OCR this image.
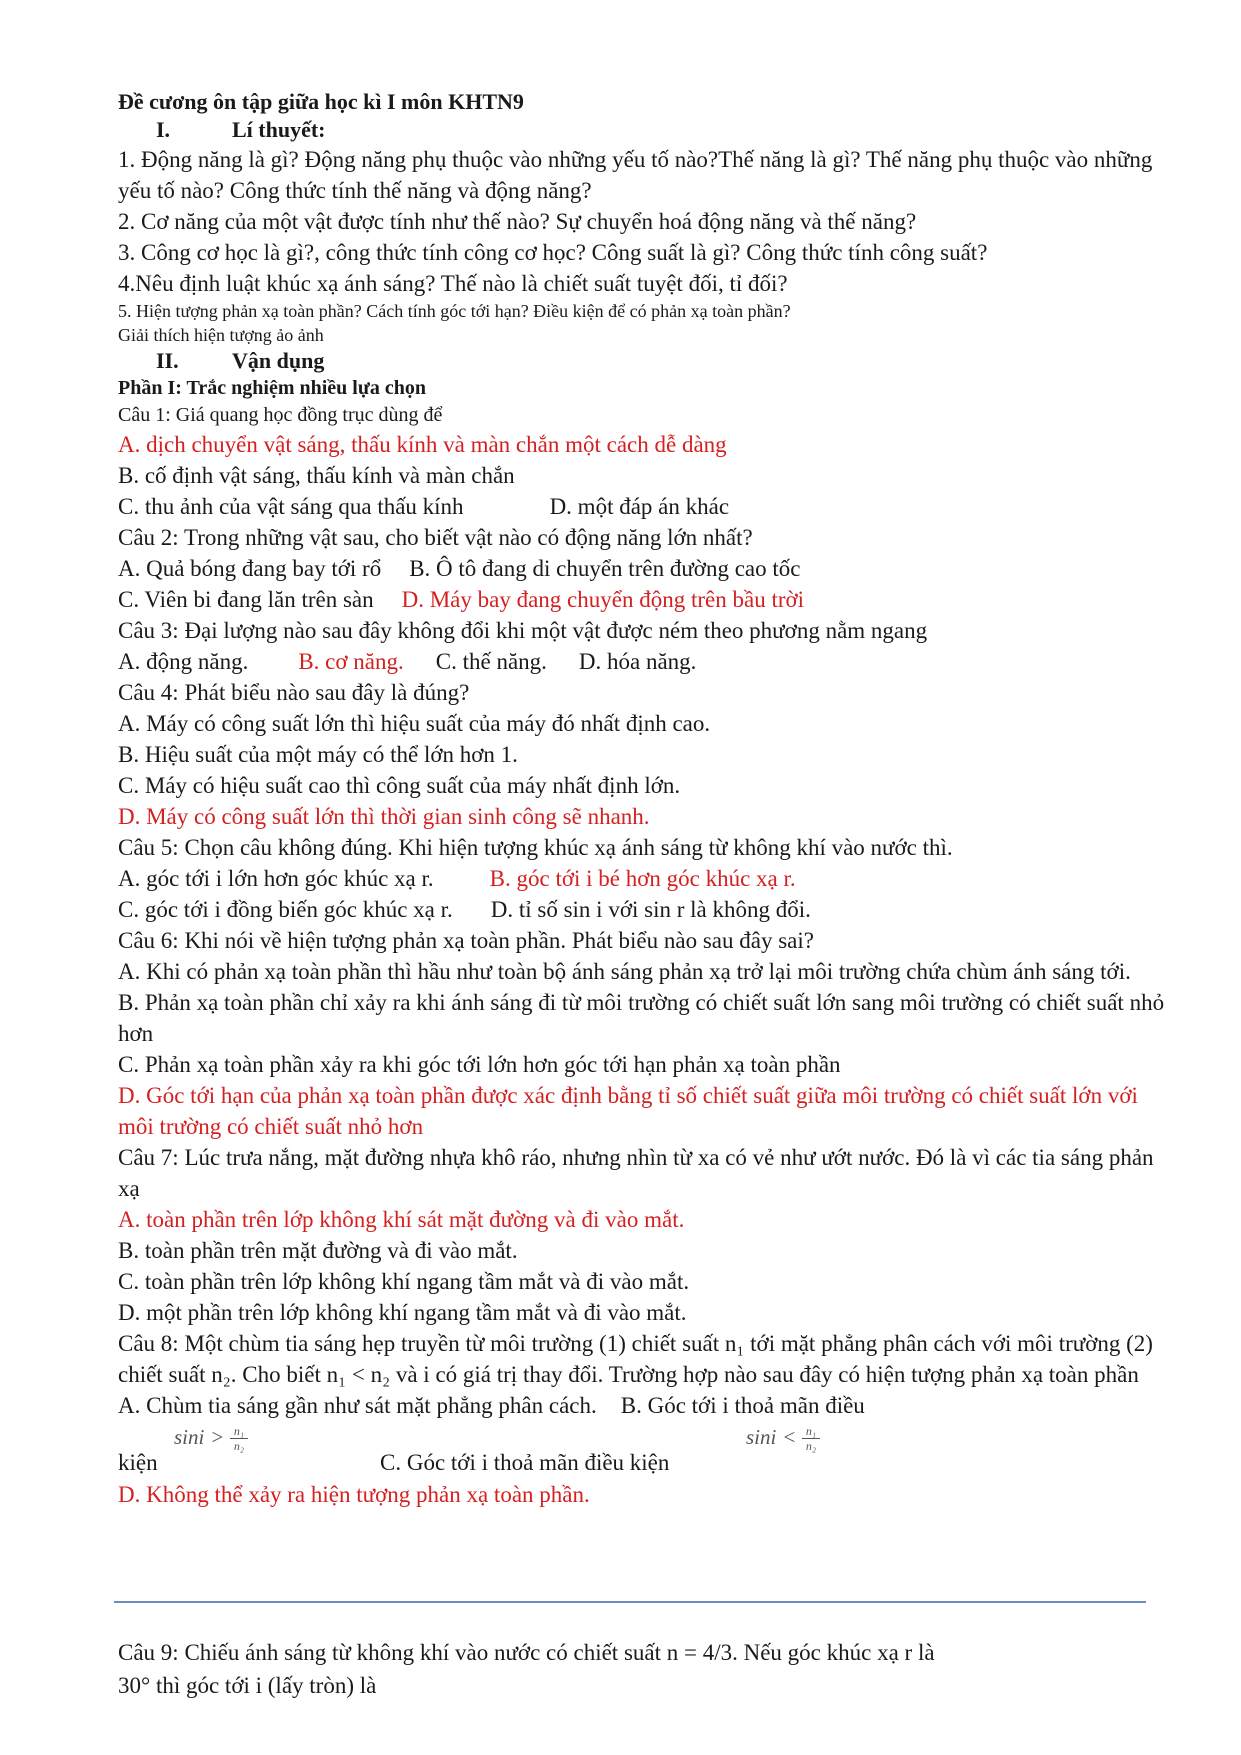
Đề cương ôn tập giữa học kì I môn KHTN9
I.	Lí thuyết:
1. Động năng là gì? Động năng phụ thuộc vào những yếu tố nào?Thế năng là gì? Thế năng phụ thuộc vào những yếu tố nào? Công thức tính thế năng và động năng?
2. Cơ năng của một vật được tính như thế nào? Sự chuyển hoá động năng và thế năng?
3. Công cơ học là gì?, công thức tính công cơ học? Công suất là gì? Công thức tính công suất?
4.Nêu định luật khúc xạ ánh sáng? Thế nào là chiết suất tuyệt đối, tỉ đối?
5. Hiện tượng phản xạ toàn phần? Cách tính góc tới hạn? Điều kiện để có phản xạ toàn phần?
Giải thích hiện tượng ảo ảnh
II. Vận dụng
Phần I: Trắc nghiệm nhiều lựa chọn
Câu 1: Giá quang học đồng trục dùng để
A. dịch chuyển vật sáng, thấu kính và màn chắn một cách dễ dàng
B. cố định vật sáng, thấu kính và màn chắn
C. thu ảnh của vật sáng qua thấu kính	D. một đáp án khác
Câu 2: Trong những vật sau, cho biết vật nào có động năng lớn nhất?
A. Quả bóng đang bay tới rổ B. Ô tô đang di chuyển trên đường cao tốc
C. Viên bi đang lăn trên sàn D. Máy bay đang chuyển động trên bầu trời
Câu 3: Đại lượng nào sau đây không đổi khi một vật được ném theo phương nằm ngang
A. động năng. B. cơ năng. C. thế năng. D. hóa năng.
Câu 4: Phát biểu nào sau đây là đúng?
A. Máy có công suất lớn thì hiệu suất của máy đó nhất định cao.
B. Hiệu suất của một máy có thể lớn hơn 1.
C. Máy có hiệu suất cao thì công suất của máy nhất định lớn.
D. Máy có công suất lớn thì thời gian sinh công sẽ nhanh.
Câu 5: Chọn câu không đúng. Khi hiện tượng khúc xạ ánh sáng từ không khí vào nước thì.
A. góc tới i lớn hơn góc khúc xạ r. B. góc tới i bé hơn góc khúc xạ r.
C. góc tới i đồng biến góc khúc xạ r. D. tỉ số sin i với sin r là không đổi.
Câu 6: Khi nói về hiện tượng phản xạ toàn phần. Phát biểu nào sau đây sai?
A. Khi có phản xạ toàn phần thì hầu như toàn bộ ánh sáng phản xạ trở lại môi trường chứa chùm ánh sáng tới.
B. Phản xạ toàn phần chỉ xảy ra khi ánh sáng đi từ môi trường có chiết suất lớn sang môi trường có chiết suất nhỏ hơn
C. Phản xạ toàn phần xảy ra khi góc tới lớn hơn góc tới hạn phản xạ toàn phần
D. Góc tới hạn của phản xạ toàn phần được xác định bằng tỉ số chiết suất giữa môi trường có chiết suất lớn với môi trường có chiết suất nhỏ hơn
Câu 7: Lúc trưa nắng, mặt đường nhựa khô ráo, nhưng nhìn từ xa có vẻ như ướt nước. Đó là vì các tia sáng phản xạ
A. toàn phần trên lớp không khí sát mặt đường và đi vào mắt.
B. toàn phần trên mặt đường và đi vào mắt.
C. toàn phần trên lớp không khí ngang tầm mắt và đi vào mắt.
D. một phần trên lớp không khí ngang tầm mắt và đi vào mắt.
Câu 8: Một chùm tia sáng hẹp truyền từ môi trường (1) chiết suất n₁ tới mặt phẳng phân cách với môi trường (2) chiết suất n₂. Cho biết n₁ < n₂ và i có giá trị thay đổi. Trường hợp nào sau đây có hiện tượng phản xạ toàn phần
A. Chùm tia sáng gần như sát mặt phẳng phân cách. B. Góc tới i thoả mãn điều
$\sin i > \frac{\text{n₁}}{\text{n₂}}$	$\sin i < \frac{\text{n₁}}{\text{n₂}}$
kiện	C. Góc tới i thoả mãn điều kiện
D. Không thể xảy ra hiện tượng phản xạ toàn phần.
Câu 9: Chiếu ánh sáng từ không khí vào nước có chiết suất n = 4/3. Nếu góc khúc xạ r là
30° thì góc tới i (lấy tròn) là
